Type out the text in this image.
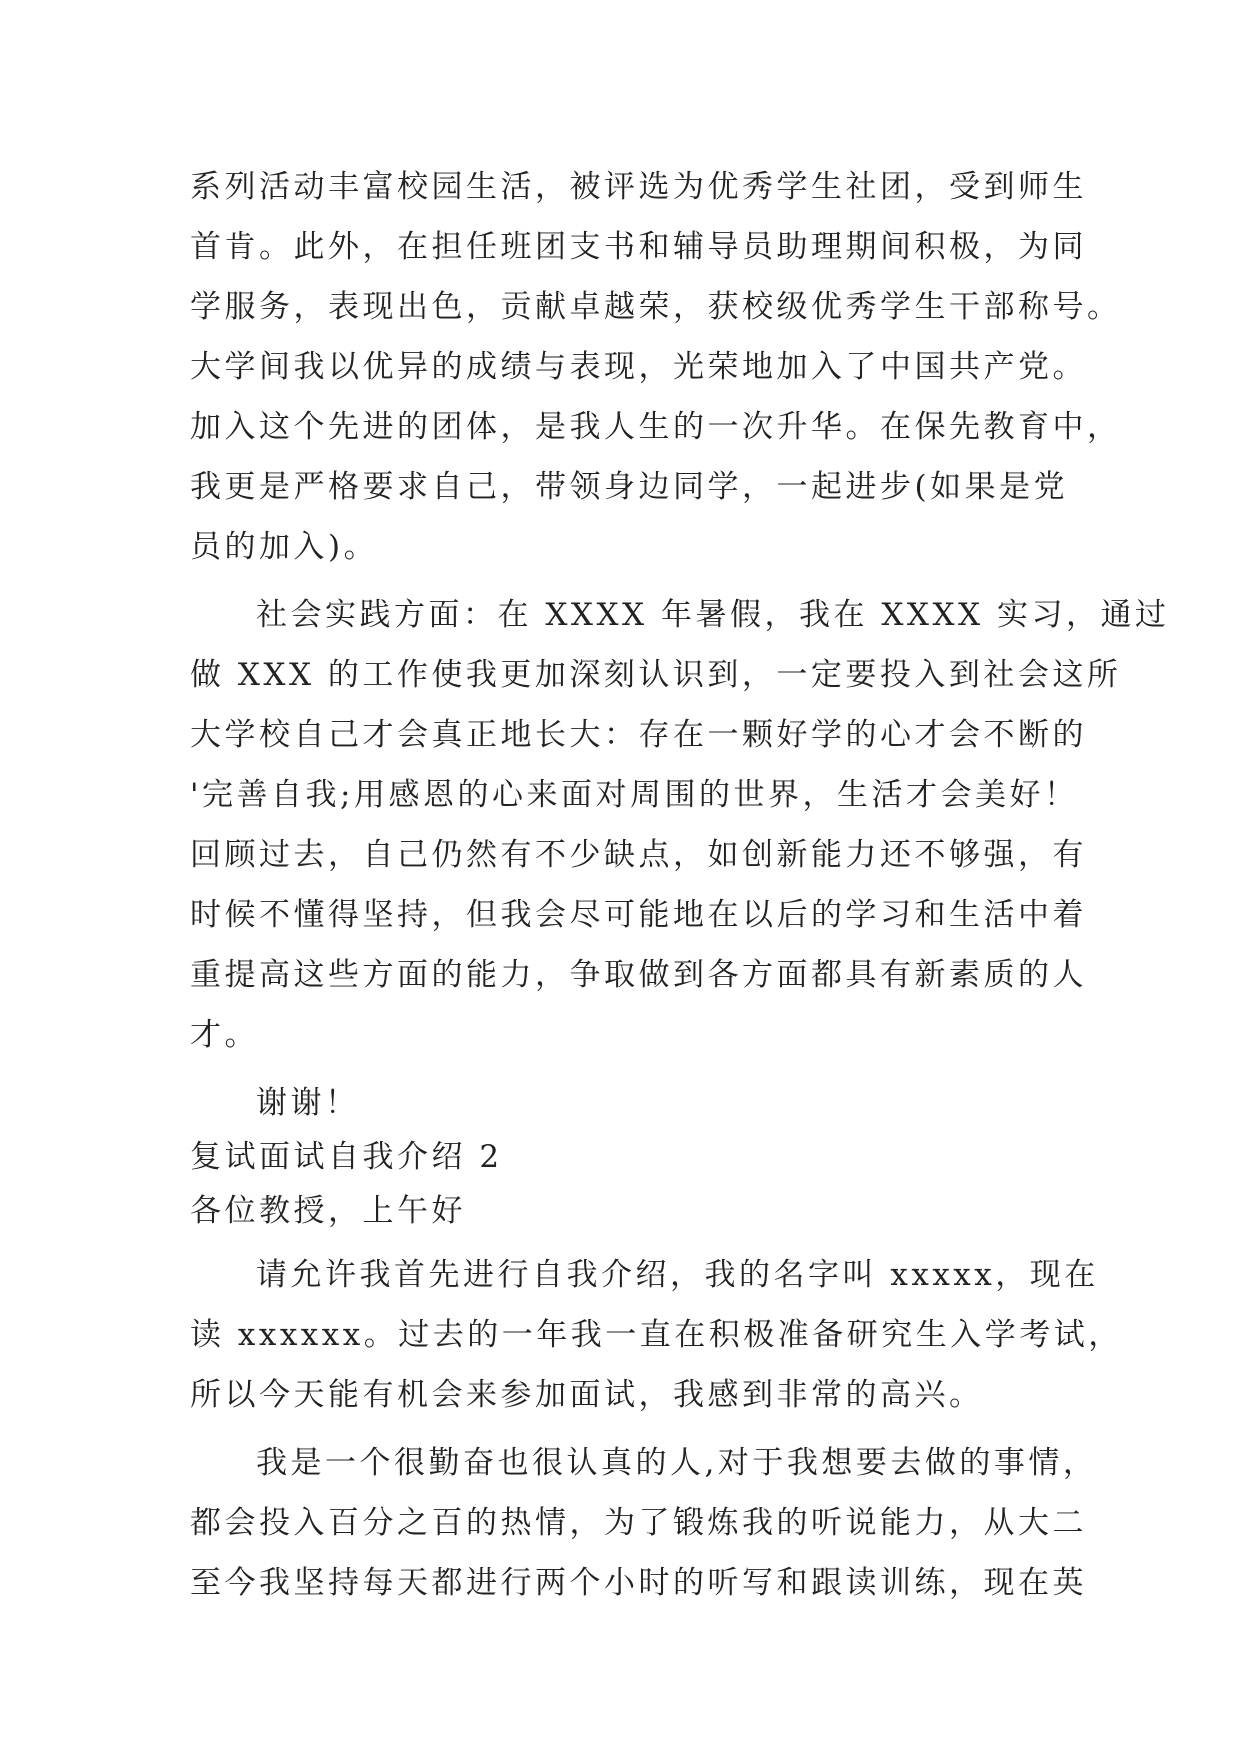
系列活动丰富校园生活，被评选为优秀学生社团，受到师生
首肯。此外，在担任班团支书和辅导员助理期间积极，为同
学服务，表现出色，贡献卓越荣，获校级优秀学生干部称号。
大学间我以优异的成绩与表现，光荣地加入了中国共产党。
加入这个先进的团体，是我人生的一次升华。在保先教育中，
我更是严格要求自己，带领身边同学，一起进步(如果是党
员的加入)。
社会实践方面：在 XXXX 年暑假，我在 XXXX 实习，通过
做 XXX 的工作使我更加深刻认识到，一定要投入到社会这所
大学校自己才会真正地长大：存在一颗好学的心才会不断的
'完善自我;用感恩的心来面对周围的世界，生活才会美好！
回顾过去，自己仍然有不少缺点，如创新能力还不够强，有
时候不懂得坚持，但我会尽可能地在以后的学习和生活中着
重提高这些方面的能力，争取做到各方面都具有新素质的人
才。
谢谢！
复试面试自我介绍 2
各位教授，上午好
请允许我首先进行自我介绍，我的名字叫 xxxxx，现在
读 xxxxxx。过去的一年我一直在积极准备研究生入学考试，
所以今天能有机会来参加面试，我感到非常的高兴。
我是一个很勤奋也很认真的人,对于我想要去做的事情，
都会投入百分之百的热情，为了锻炼我的听说能力，从大二
至今我坚持每天都进行两个小时的听写和跟读训练，现在英
